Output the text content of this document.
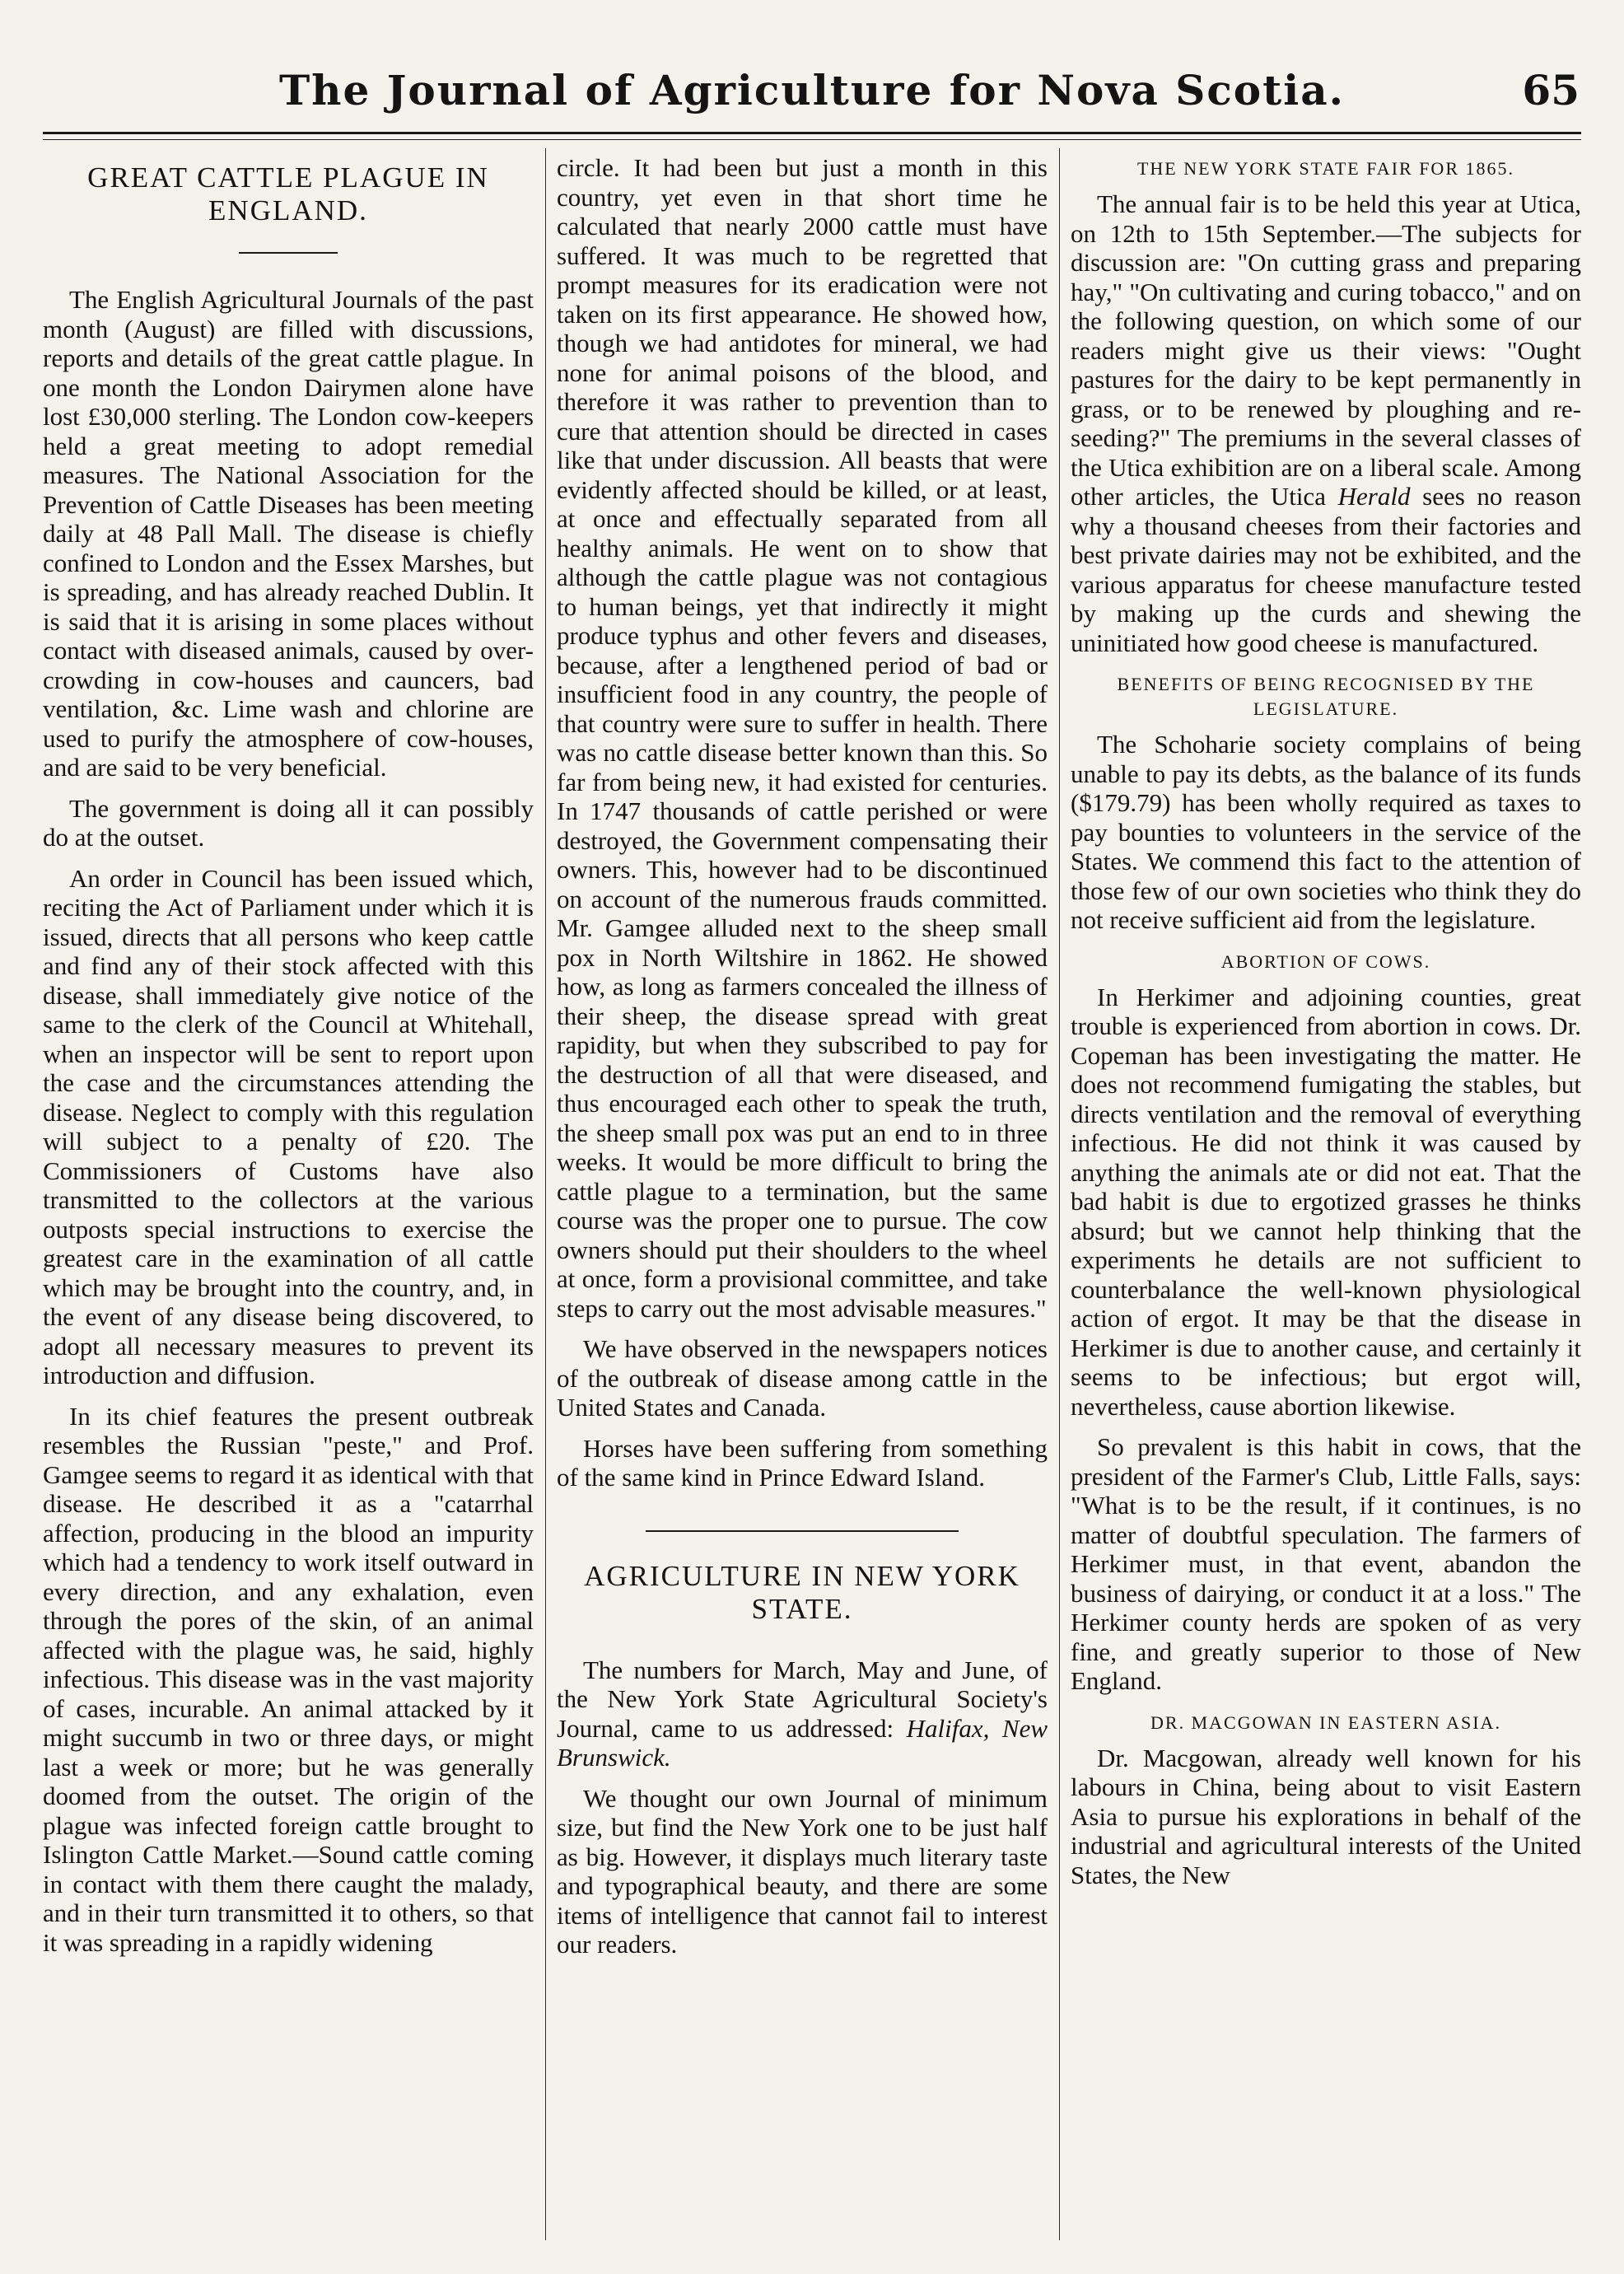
The Journal of Agriculture for Nova Scotia.	65
GREAT CATTLE PLAGUE IN ENGLAND.

The English Agricultural Journals of the past month (August) are filled with discussions, reports and details of the great cattle plague. In one month the London Dairymen alone have lost £30,000 sterling. The London cow-keepers held a great meeting to adopt remedial measures. The National Association for the Prevention of Cattle Diseases has been meeting daily at 48 Pall Mall. The disease is chiefly confined to London and the Essex Marshes, but is spreading, and has already reached Dublin. It is said that it is arising in some places without contact with diseased animals, caused by over-crowding in cow-houses and cauncers, bad ventilation, &c. Lime wash and chlorine are used to purify the atmosphere of cow-houses, and are said to be very beneficial.

The government is doing all it can possibly do at the outset.

An order in Council has been issued which, reciting the Act of Parliament under which it is issued, directs that all persons who keep cattle and find any of their stock affected with this disease, shall immediately give notice of the same to the clerk of the Council at Whitehall, when an inspector will be sent to report upon the case and the circumstances attending the disease. Neglect to comply with this regulation will subject to a penalty of £20. The Commissioners of Customs have also transmitted to the collectors at the various outposts special instructions to exercise the greatest care in the examination of all cattle which may be brought into the country, and, in the event of any disease being discovered, to adopt all necessary measures to prevent its introduction and diffusion.

In its chief features the present outbreak resembles the Russian "peste," and Prof. Gamgee seems to regard it as identical with that disease. He described it as a "catarrhal affection, producing in the blood an impurity which had a tendency to work itself outward in every direction, and any exhalation, even through the pores of the skin, of an animal affected with the plague was, he said, highly infectious. This disease was in the vast majority of cases, incurable. An animal attacked by it might succumb in two or three days, or might last a week or more; but he was generally doomed from the outset. The origin of the plague was infected foreign cattle brought to Islington Cattle Market.—Sound cattle coming in contact with them there caught the malady, and in their turn transmitted it to others, so that it was spreading in a rapidly widening

circle. It had been but just a month in this country, yet even in that short time he calculated that nearly 2000 cattle must have suffered. It was much to be regretted that prompt measures for its eradication were not taken on its first appearance. He showed how, though we had antidotes for mineral, we had none for animal poisons of the blood, and therefore it was rather to prevention than to cure that attention should be directed in cases like that under discussion. All beasts that were evidently affected should be killed, or at least, at once and effectually separated from all healthy animals. He went on to show that although the cattle plague was not contagious to human beings, yet that indirectly it might produce typhus and other fevers and diseases, because, after a lengthened period of bad or insufficient food in any country, the people of that country were sure to suffer in health. There was no cattle disease better known than this. So far from being new, it had existed for centuries. In 1747 thousands of cattle perished or were destroyed, the Government compensating their owners. This, however had to be discontinued on account of the numerous frauds committed. Mr. Gamgee alluded next to the sheep small pox in North Wiltshire in 1862. He showed how, as long as farmers concealed the illness of their sheep, the disease spread with great rapidity, but when they subscribed to pay for the destruction of all that were diseased, and thus encouraged each other to speak the truth, the sheep small pox was put an end to in three weeks. It would be more difficult to bring the cattle plague to a termination, but the same course was the proper one to pursue. The cow owners should put their shoulders to the wheel at once, form a provisional committee, and take steps to carry out the most advisable measures."

We have observed in the newspapers notices of the outbreak of disease among cattle in the United States and Canada.

Horses have been suffering from something of the same kind in Prince Edward Island.

AGRICULTURE IN NEW YORK STATE.

The numbers for March, May and June, of the New York State Agricultural Society's Journal, came to us addressed: Halifax, New Brunswick.

We thought our own Journal of minimum size, but find the New York one to be just half as big. However, it displays much literary taste and typographical beauty, and there are some items of intelligence that cannot fail to interest our readers.

THE NEW YORK STATE FAIR FOR 1865.

The annual fair is to be held this year at Utica, on 12th to 15th September.—The subjects for discussion are: "On cutting grass and preparing hay," "On cultivating and curing tobacco," and on the following question, on which some of our readers might give us their views: "Ought pastures for the dairy to be kept permanently in grass, or to be renewed by ploughing and re-seeding?" The premiums in the several classes of the Utica exhibition are on a liberal scale. Among other articles, the Utica Herald sees no reason why a thousand cheeses from their factories and best private dairies may not be exhibited, and the various apparatus for cheese manufacture tested by making up the curds and shewing the uninitiated how good cheese is manufactured.

BENEFITS OF BEING RECOGNISED BY THE LEGISLATURE.

The Schoharie society complains of being unable to pay its debts, as the balance of its funds ($179.79) has been wholly required as taxes to pay bounties to volunteers in the service of the States. We commend this fact to the attention of those few of our own societies who think they do not receive sufficient aid from the legislature.

ABORTION OF COWS.

In Herkimer and adjoining counties, great trouble is experienced from abortion in cows. Dr. Copeman has been investigating the matter. He does not recommend fumigating the stables, but directs ventilation and the removal of everything infectious. He did not think it was caused by anything the animals ate or did not eat. That the bad habit is due to ergotized grasses he thinks absurd; but we cannot help thinking that the experiments he details are not sufficient to counterbalance the well-known physiological action of ergot. It may be that the disease in Herkimer is due to another cause, and certainly it seems to be infectious; but ergot will, nevertheless, cause abortion likewise.

So prevalent is this habit in cows, that the president of the Farmer's Club, Little Falls, says: "What is to be the result, if it continues, is no matter of doubtful speculation. The farmers of Herkimer must, in that event, abandon the business of dairying, or conduct it at a loss." The Herkimer county herds are spoken of as very fine, and greatly superior to those of New England.

DR. MACGOWAN IN EASTERN ASIA.

Dr. Macgowan, already well known for his labours in China, being about to visit Eastern Asia to pursue his explorations in behalf of the industrial and agricultural interests of the United States, the New
